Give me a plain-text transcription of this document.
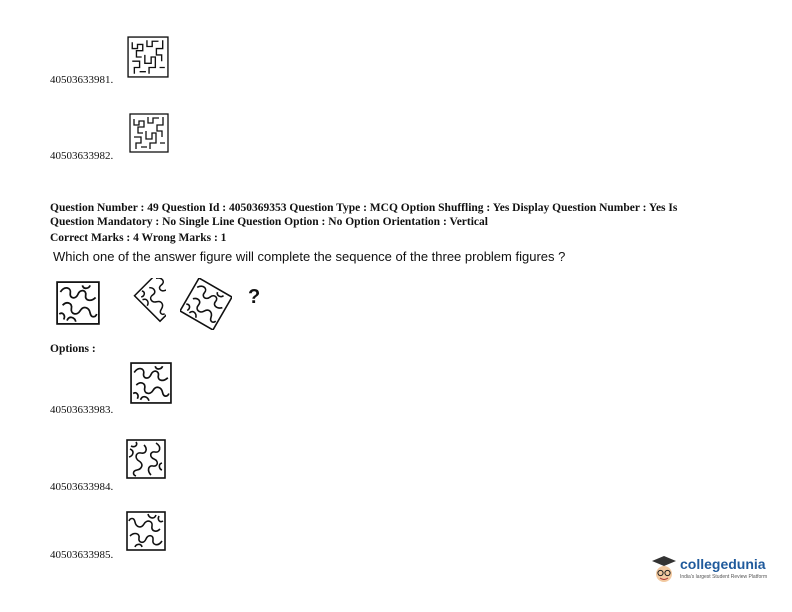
40503633981.
40503633982.
Question Number : 49 Question Id : 4050369353 Question Type : MCQ Option Shuffling : Yes Display Question Number : Yes Is
Question Mandatory : No Single Line Question Option : No Option Orientation : Vertical
Correct Marks : 4 Wrong Marks : 1
Which one of the answer figure will complete the sequence of the three problem figures ?
?
Options :
40503633983.
40503633984.
40503633985.
collegedunia
India's largest Student Review Platform
